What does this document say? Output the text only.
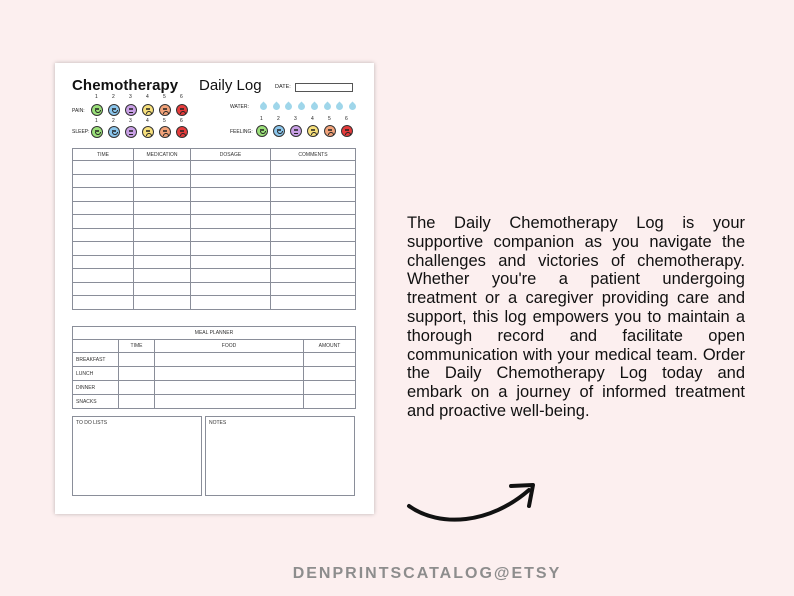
Chemotherapy Daily Log DATE:
PAIN:
SLEEP:
WATER:
FEELING:
1	2	3	4	5	6
1	2	3	4	5	6	1	2	3	4	5	6
TIME	MEDICATION	DOSAGE	COMMENTS

MEAL PLANNER			
	TIME	FOOD	AMOUNT
BREAKFAST			
LUNCH			
DINNER			
SNACKS			
TO DO LISTS	NOTES

The Daily Chemotherapy Log is your supportive companion as you navigate the challenges and victories of chemotherapy. Whether you're a patient undergoing treatment or a caregiver providing care and support, this log empowers you to maintain a thorough record and facilitate open communication with your medical team. Order the Daily Chemotherapy Log today and embark on a journey of informed treatment and proactive well-being.

DENPRINTSCATALOG@ETSY
